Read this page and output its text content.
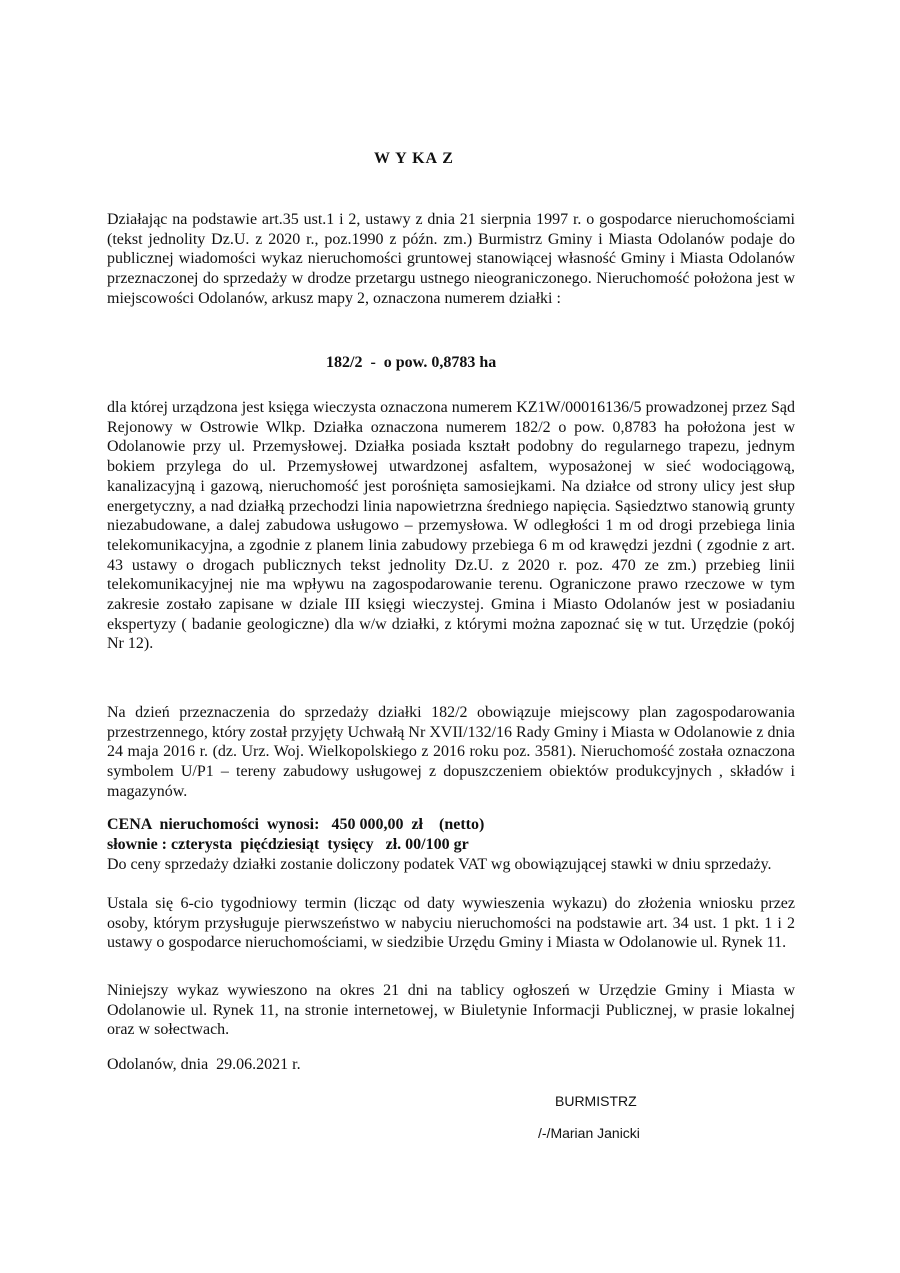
W Y KA Z

Działając na podstawie art.35 ust.1 i 2, ustawy z dnia 21 sierpnia 1997 r. o gospodarce nieruchomościami (tekst jednolity Dz.U. z 2020 r., poz.1990 z późn. zm.) Burmistrz Gminy i Miasta Odolanów podaje do publicznej wiadomości wykaz nieruchomości gruntowej stanowiącej własność Gminy i Miasta Odolanów przeznaczonej do sprzedaży w drodze przetargu ustnego nieograniczonego. Nieruchomość położona jest w miejscowości Odolanów, arkusz mapy 2, oznaczona numerem działki :

182/2  -  o pow. 0,8783 ha

dla której urządzona jest księga wieczysta oznaczona numerem KZ1W/00016136/5 prowadzonej przez Sąd Rejonowy w Ostrowie Wlkp. Działka oznaczona numerem 182/2 o pow. 0,8783 ha położona jest w Odolanowie przy ul. Przemysłowej. Działka posiada kształt podobny do regularnego trapezu, jednym bokiem przylega do ul. Przemysłowej utwardzonej asfaltem, wyposażonej w sieć wodociągową, kanalizacyjną i gazową, nieruchomość jest porośnięta samosiejkami. Na działce od strony ulicy jest słup energetyczny, a nad działką przechodzi linia napowietrzna średniego napięcia. Sąsiedztwo stanowią grunty niezabudowane, a dalej zabudowa usługowo – przemysłowa. W odległości 1 m od drogi przebiega linia telekomunikacyjna, a zgodnie z planem linia zabudowy przebiega 6 m od krawędzi jezdni ( zgodnie z art. 43 ustawy o drogach publicznych tekst jednolity Dz.U. z 2020 r. poz. 470 ze zm.) przebieg linii telekomunikacyjnej nie ma wpływu na zagospodarowanie terenu. Ograniczone prawo rzeczowe w tym zakresie zostało zapisane w dziale III księgi wieczystej. Gmina i Miasto Odolanów jest w posiadaniu ekspertyzy ( badanie geologiczne) dla w/w działki, z którymi można zapoznać się w tut. Urzędzie (pokój Nr 12).

Na dzień przeznaczenia do sprzedaży działki 182/2 obowiązuje miejscowy plan zagospodarowania przestrzennego, który został przyjęty Uchwałą Nr XVII/132/16 Rady Gminy i Miasta w Odolanowie z dnia 24 maja 2016 r. (dz. Urz. Woj. Wielkopolskiego z 2016 roku poz. 3581). Nieruchomość została oznaczona symbolem U/P1 – tereny zabudowy usługowej z dopuszczeniem obiektów produkcyjnych , składów i magazynów.

CENA  nieruchomości  wynosi:   450 000,00  zł    (netto)
słownie : czterysta  pięćdziesiąt  tysięcy   zł. 00/100 gr

Do ceny sprzedaży działki zostanie doliczony podatek VAT wg obowiązującej stawki w dniu sprzedaży.

Ustala się 6-cio tygodniowy termin (licząc od daty wywieszenia wykazu) do złożenia wniosku przez osoby, którym przysługuje pierwszeństwo w nabyciu nieruchomości na podstawie art. 34 ust. 1 pkt. 1 i 2 ustawy o gospodarce nieruchomościami, w siedzibie Urzędu Gminy i Miasta w Odolanowie ul. Rynek 11.

Niniejszy wykaz wywieszono na okres 21 dni na tablicy ogłoszeń w Urzędzie Gminy i Miasta w Odolanowie ul. Rynek 11, na stronie internetowej, w Biuletynie Informacji Publicznej, w prasie lokalnej oraz w sołectwach.

Odolanów, dnia  29.06.2021 r.
BURMISTRZ
/-/Marian Janicki
